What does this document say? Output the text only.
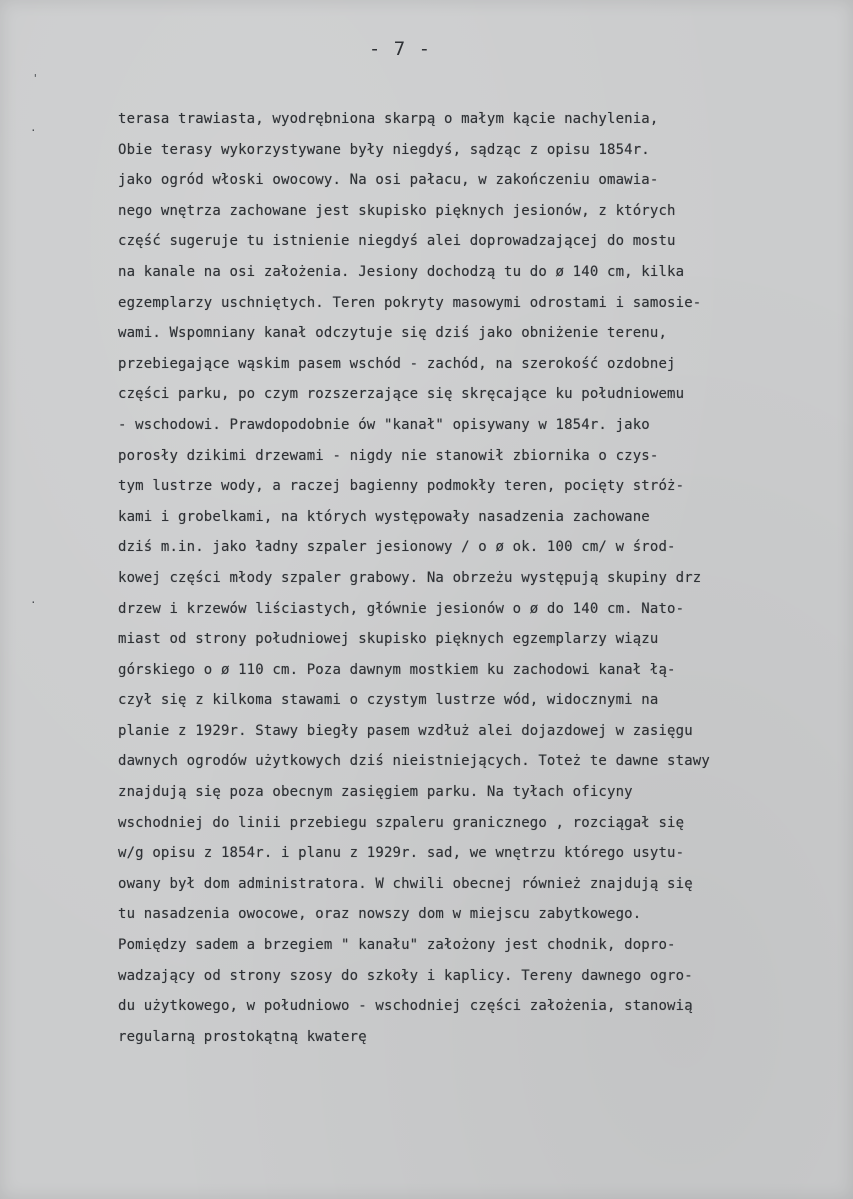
- 7 -
'
·
·
terasa trawiasta, wyodrębniona skarpą o małym kącie nachylenia,
Obie terasy wykorzystywane były niegdyś, sądząc z opisu 1854r.
jako ogród włoski owocowy. Na osi pałacu, w zakończeniu omawia-
nego wnętrza zachowane jest skupisko pięknych jesionów, z których
część sugeruje tu istnienie niegdyś alei doprowadzającej do mostu
na kanale na osi założenia. Jesiony dochodzą tu do ø 140 cm, kilka
egzemplarzy uschniętych. Teren pokryty masowymi odrostami i samosie-
wami. Wspomniany kanał odczytuje się dziś jako obniżenie terenu,
przebiegające wąskim pasem wschód - zachód, na szerokość ozdobnej
części parku, po czym rozszerzające się skręcające ku południowemu
- wschodowi. Prawdopodobnie ów "kanał" opisywany w 1854r. jako
porosły dzikimi drzewami - nigdy nie stanowił zbiornika o czys-
tym lustrze wody, a raczej bagienny podmokły teren, pocięty stróż-
kami i grobelkami, na których występowały nasadzenia zachowane
dziś m.in. jako ładny szpaler jesionowy / o ø ok. 100 cm/ w środ-
kowej części młody szpaler grabowy. Na obrzeżu występują skupiny drz
drzew i krzewów liściastych, głównie jesionów o ø do 140 cm. Nato-
miast od strony południowej skupisko pięknych egzemplarzy wiązu
górskiego o ø 110 cm. Poza dawnym mostkiem ku zachodowi kanał łą-
czył się z kilkoma stawami o czystym lustrze wód, widocznymi na
planie z 1929r. Stawy biegły pasem wzdłuż alei dojazdowej w zasięgu
dawnych ogrodów użytkowych dziś nieistniejących. Toteż te dawne stawy
znajdują się poza obecnym zasięgiem parku. Na tyłach oficyny
wschodniej do linii przebiegu szpaleru granicznego , rozciągał się
w/g opisu z 1854r. i planu z 1929r. sad, we wnętrzu którego usytu-
owany był dom administratora. W chwili obecnej również znajdują się
tu nasadzenia owocowe, oraz nowszy dom w miejscu zabytkowego.
Pomiędzy sadem a brzegiem " kanału" założony jest chodnik, dopro-
wadzający od strony szosy do szkoły i kaplicy. Tereny dawnego ogro-
du użytkowego, w południowo - wschodniej części założenia, stanowią
regularną prostokątną kwaterę
